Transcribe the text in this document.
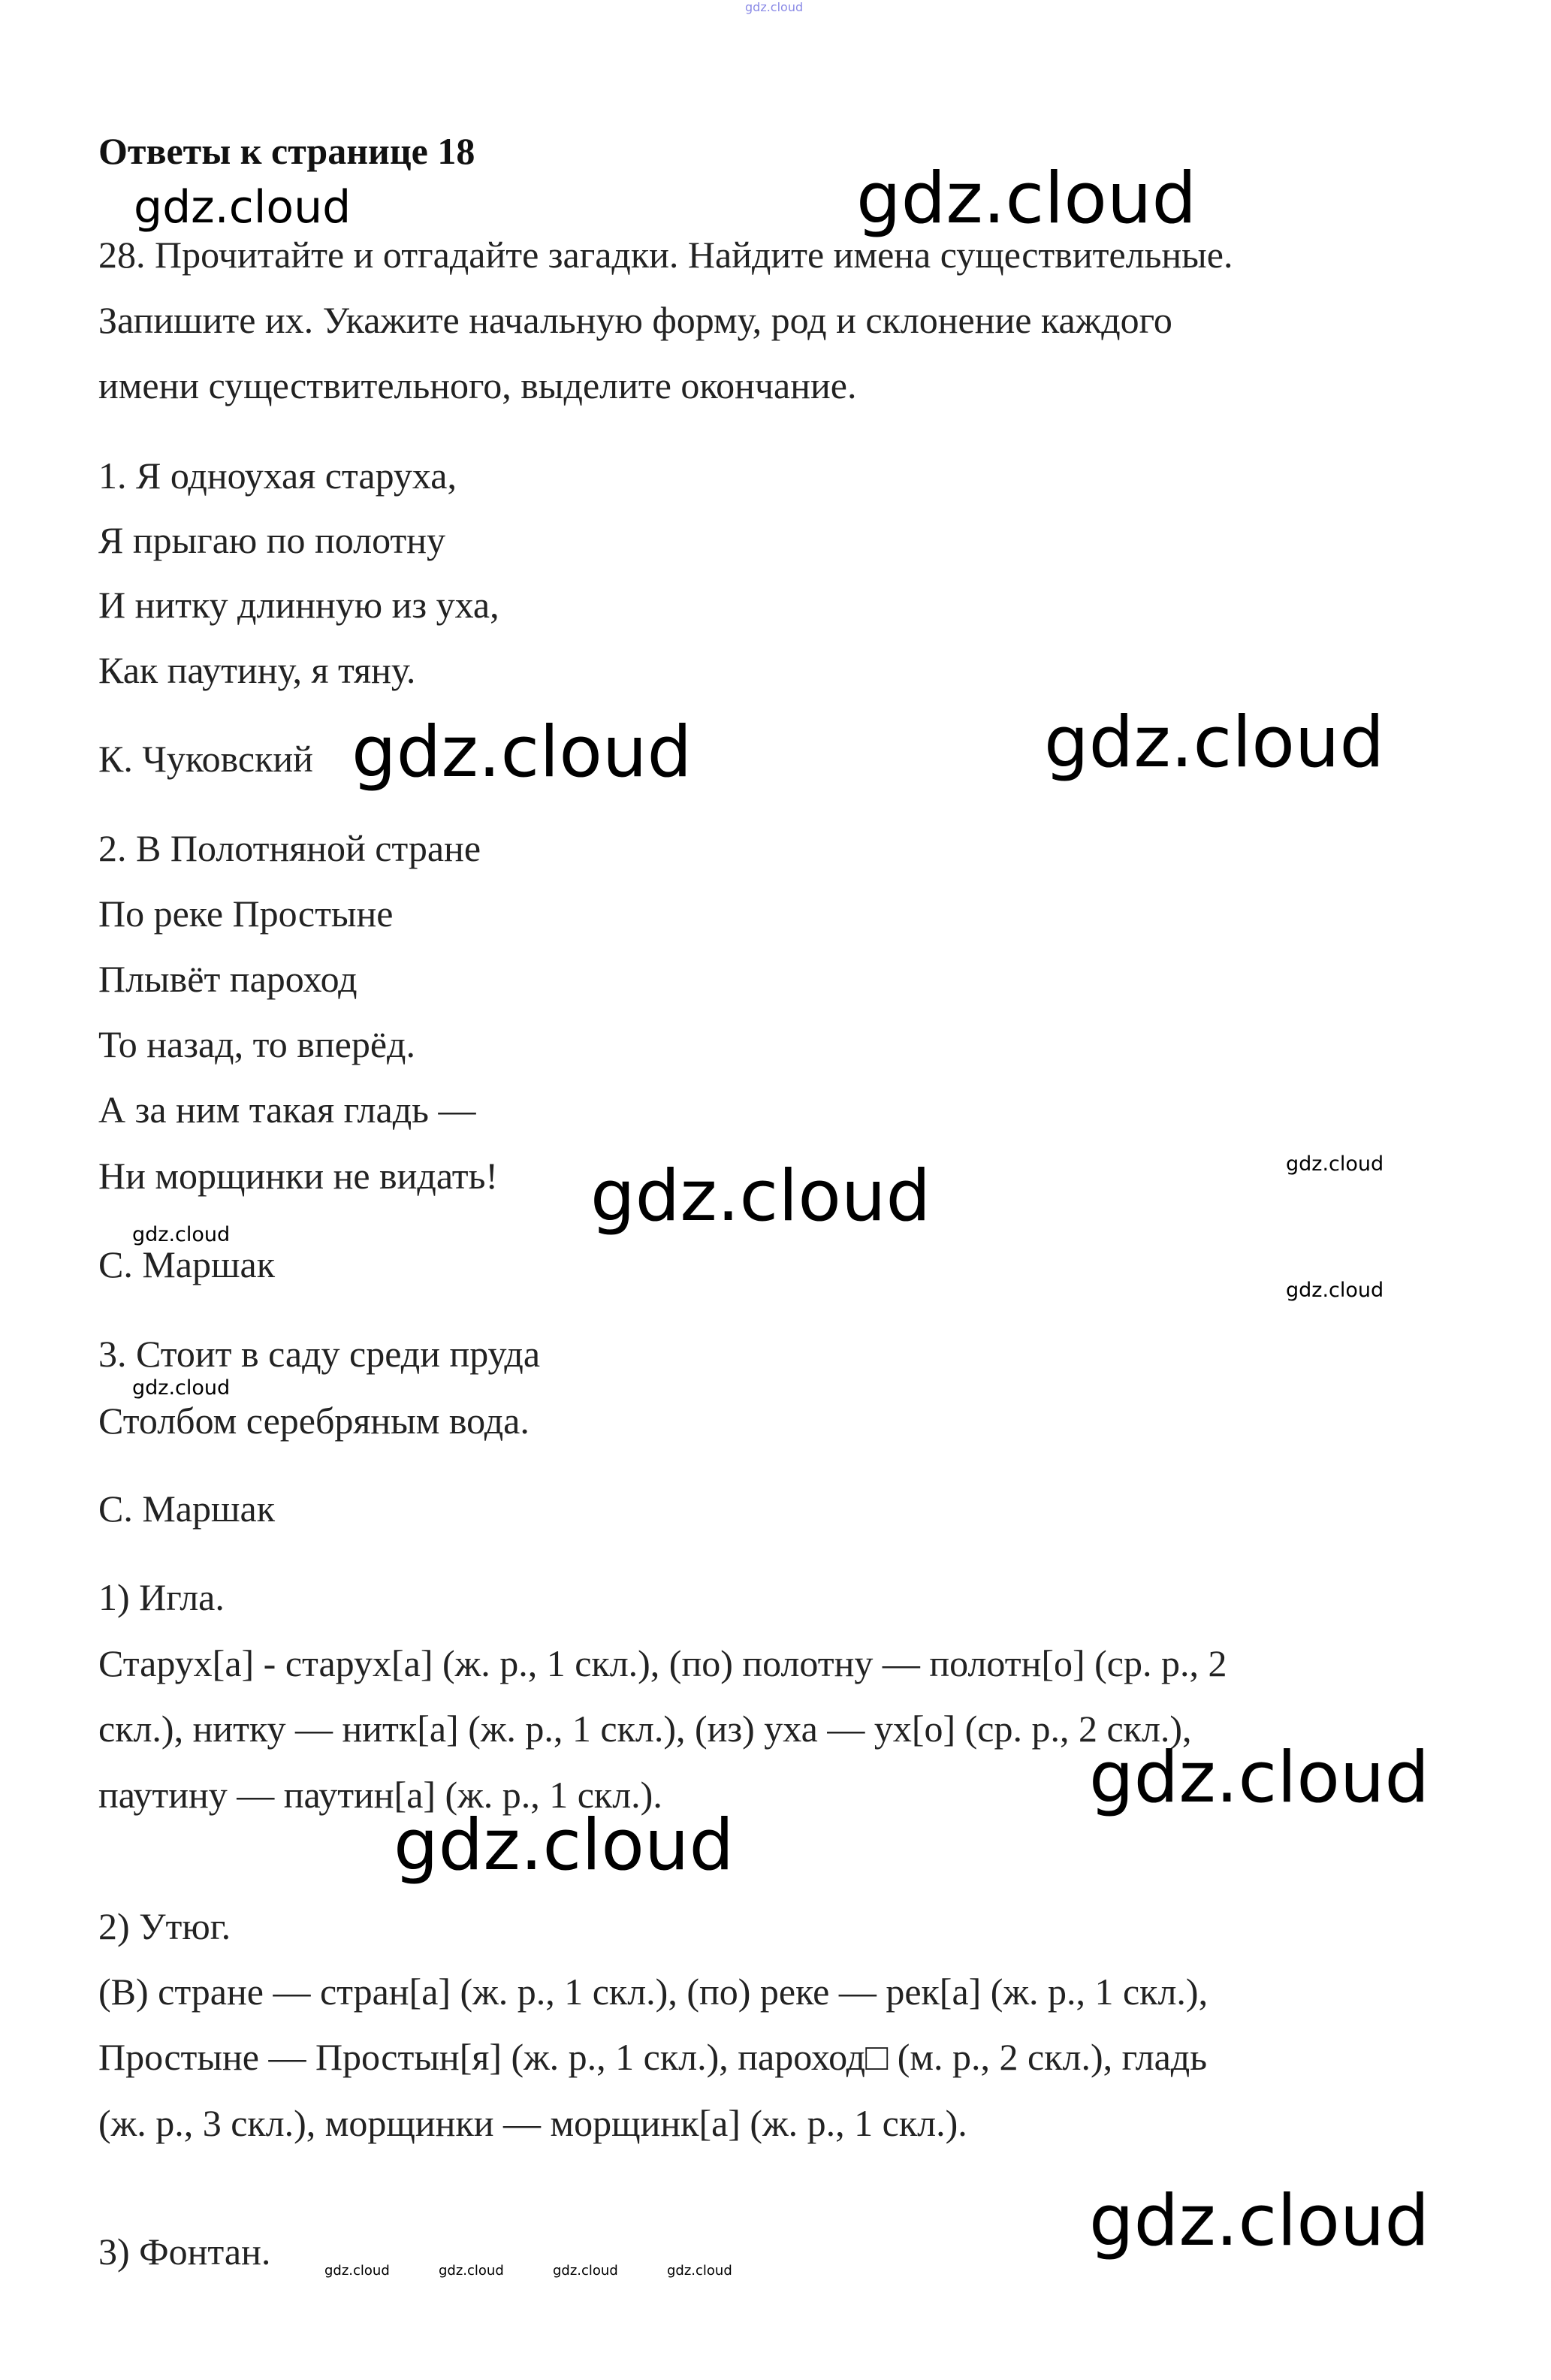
gdz.cloud
Ответы к странице 18
gdz.cloud	gdz.cloud
28. Прочитайте и отгадайте загадки. Найдите имена существительные.
Запишите их. Укажите начальную форму, род и склонение каждого
имени существительного, выделите окончание.
1. Я одноухая старуха,
Я прыгаю по полотну
И нитку длинную из уха,
Как паутину, я тяну.
К. Чуковский gdz.cloud	gdz.cloud
2. В Полотняной стране
По реке Простыне
Плывёт пароход
То назад, то вперёд.
А за ним такая гладь —
Ни морщинки не видать! gdz.cloud	gdz.cloud
gdz.cloud
С. Маршак
gdz.cloud
3. Стоит в саду среди пруда
gdz.cloud
Столбом серебряным вода.
С. Маршак
1) Игла.
Старух[а] - старух[а] (ж. р., 1 скл.), (по) полотну — полотн[о] (ср. р., 2
скл.), нитку — нитк[а] (ж. р., 1 скл.), (из) уха — ух[о] (ср. р., 2 скл.),
паутину — паутин[а] (ж. р., 1 скл.).	gdz.cloud
gdz.cloud
2) Утюг.
(В) стране — стран[а] (ж. р., 1 скл.), (по) реке — рек[а] (ж. р., 1 скл.),
Простыне — Простын[я] (ж. р., 1 скл.), пароход□ (м. р., 2 скл.), гладь
(ж. р., 3 скл.), морщинки — морщинк[а] (ж. р., 1 скл.).
3) Фонтан.	gdz.cloud	gdz.cloud	gdz.cloud	gdz.cloud
gdz.cloud
